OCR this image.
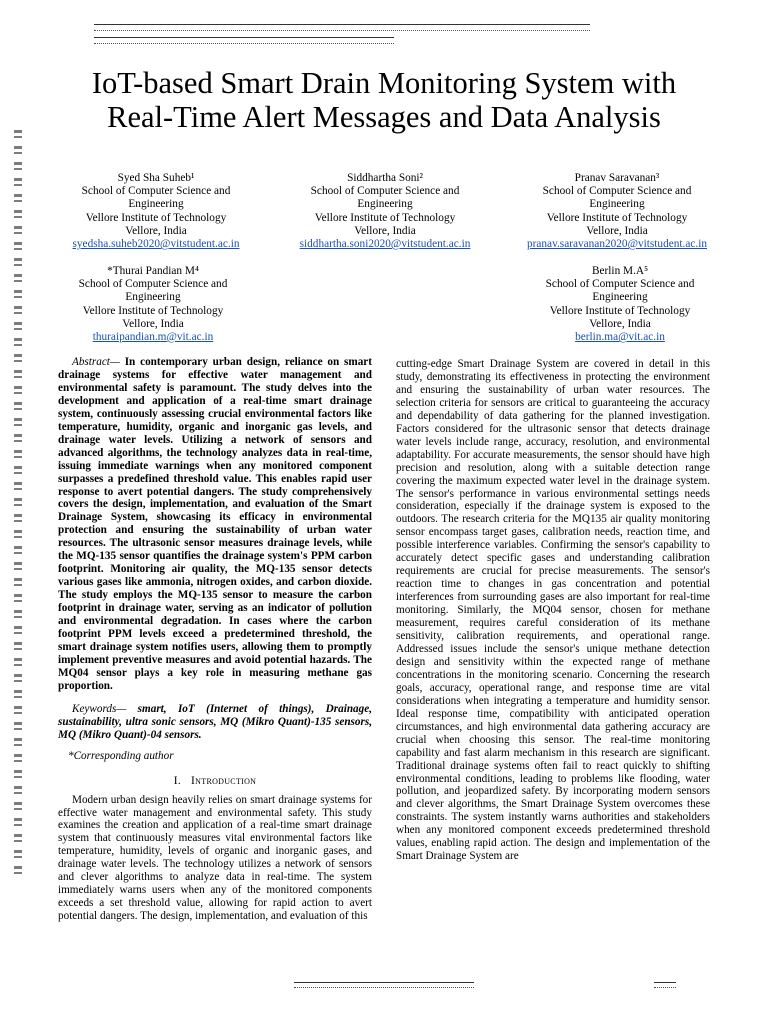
IoT-based Smart Drain Monitoring System with
Real-Time Alert Messages and Data Analysis
Syed Sha Suheb¹
School of Computer Science and
Engineering
Vellore Institute of Technology
Vellore, India
syedsha.suheb2020@vitstudent.ac.in
Siddhartha Soni²
School of Computer Science and
Engineering
Vellore Institute of Technology
Vellore, India
siddhartha.soni2020@vitstudent.ac.in
Pranav Saravanan³
School of Computer Science and
Engineering
Vellore Institute of Technology
Vellore, India
pranav.saravanan2020@vitstudent.ac.in
*Thurai Pandian M⁴
School of Computer Science and
Engineering
Vellore Institute of Technology
Vellore, India
thuraipandian.m@vit.ac.in
Berlin M.A⁵
School of Computer Science and
Engineering
Vellore Institute of Technology
Vellore, India
berlin.ma@vit.ac.in

Abstract— In contemporary urban design, reliance on smart drainage systems for effective water management and environmental safety is paramount. The study delves into the development and application of a real-time smart drainage system, continuously assessing crucial environmental factors like temperature, humidity, organic and inorganic gas levels, and drainage water levels. Utilizing a network of sensors and advanced algorithms, the technology analyzes data in real-time, issuing immediate warnings when any monitored component surpasses a predefined threshold value. This enables rapid user response to avert potential dangers. The study comprehensively covers the design, implementation, and evaluation of the Smart Drainage System, showcasing its efficacy in environmental protection and ensuring the sustainability of urban water resources. The ultrasonic sensor measures drainage levels, while the MQ-135 sensor quantifies the drainage system's PPM carbon footprint. Monitoring air quality, the MQ-135 sensor detects various gases like ammonia, nitrogen oxides, and carbon dioxide. The study employs the MQ-135 sensor to measure the carbon footprint in drainage water, serving as an indicator of pollution and environmental degradation. In cases where the carbon footprint PPM levels exceed a predetermined threshold, the smart drainage system notifies users, allowing them to promptly implement preventive measures and avoid potential hazards. The MQ04 sensor plays a key role in measuring methane gas proportion.

Keywords— smart, IoT (Internet of things), Drainage, sustainability, ultra sonic sensors, MQ (Mikro Quant)-135 sensors, MQ (Mikro Quant)-04 sensors.

*Corresponding author

I. Introduction

Modern urban design heavily relies on smart drainage systems for effective water management and environmental safety. This study examines the creation and application of a real-time smart drainage system that continuously measures vital environmental factors like temperature, humidity, levels of organic and inorganic gases, and drainage water levels. The technology utilizes a network of sensors and clever algorithms to analyze data in real-time. The system immediately warns users when any of the monitored components exceeds a set threshold value, allowing for rapid action to avert potential dangers. The design, implementation, and evaluation of this

cutting-edge Smart Drainage System are covered in detail in this study, demonstrating its effectiveness in protecting the environment and ensuring the sustainability of urban water resources. The selection criteria for sensors are critical to guaranteeing the accuracy and dependability of data gathering for the planned investigation. Factors considered for the ultrasonic sensor that detects drainage water levels include range, accuracy, resolution, and environmental adaptability. For accurate measurements, the sensor should have high precision and resolution, along with a suitable detection range covering the maximum expected water level in the drainage system. The sensor's performance in various environmental settings needs consideration, especially if the drainage system is exposed to the outdoors. The research criteria for the MQ135 air quality monitoring sensor encompass target gases, calibration needs, reaction time, and possible interference variables. Confirming the sensor's capability to accurately detect specific gases and understanding calibration requirements are crucial for precise measurements. The sensor's reaction time to changes in gas concentration and potential interferences from surrounding gases are also important for real-time monitoring. Similarly, the MQ04 sensor, chosen for methane measurement, requires careful consideration of its methane sensitivity, calibration requirements, and operational range. Addressed issues include the sensor's unique methane detection design and sensitivity within the expected range of methane concentrations in the monitoring scenario. Concerning the research goals, accuracy, operational range, and response time are vital considerations when integrating a temperature and humidity sensor. Ideal response time, compatibility with anticipated operation circumstances, and high environmental data gathering accuracy are crucial when choosing this sensor. The real-time monitoring capability and fast alarm mechanism in this research are significant. Traditional drainage systems often fail to react quickly to shifting environmental conditions, leading to problems like flooding, water pollution, and jeopardized safety. By incorporating modern sensors and clever algorithms, the Smart Drainage System overcomes these constraints. The system instantly warns authorities and stakeholders when any monitored component exceeds predetermined threshold values, enabling rapid action. The design and implementation of the Smart Drainage System are
